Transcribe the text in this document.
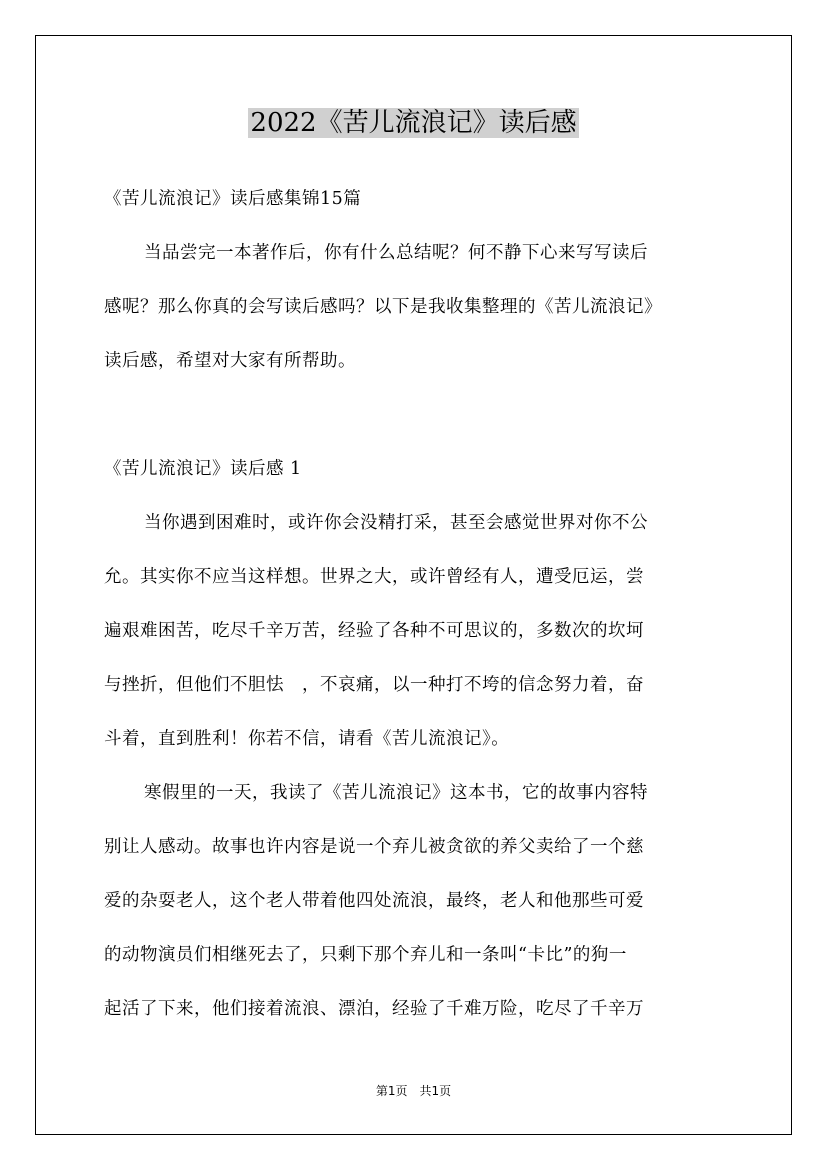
2022《苦儿流浪记》读后感
《苦儿流浪记》读后感集锦15篇
当品尝完一本著作后，你有什么总结呢？何不静下心来写写读后
感呢？那么你真的会写读后感吗？以下是我收集整理的《苦儿流浪记》
读后感，希望对大家有所帮助。
《苦儿流浪记》读后感 1
当你遇到困难时，或许你会没精打采，甚至会感觉世界对你不公
允。其实你不应当这样想。世界之大，或许曾经有人，遭受厄运，尝
遍艰难困苦，吃尽千辛万苦，经验了各种不可思议的，多数次的坎坷
与挫折，但他们不胆怯　，不哀痛，以一种打不垮的信念努力着，奋
斗着，直到胜利！你若不信，请看《苦儿流浪记》。
寒假里的一天，我读了《苦儿流浪记》这本书，它的故事内容特
别让人感动。故事也许内容是说一个弃儿被贪欲的养父卖给了一个慈
爱的杂耍老人，这个老人带着他四处流浪，最终，老人和他那些可爱
的动物演员们相继死去了，只剩下那个弃儿和一条叫“卡比”的狗一
起活了下来，他们接着流浪、漂泊，经验了千难万险，吃尽了千辛万
第1页　共1页
